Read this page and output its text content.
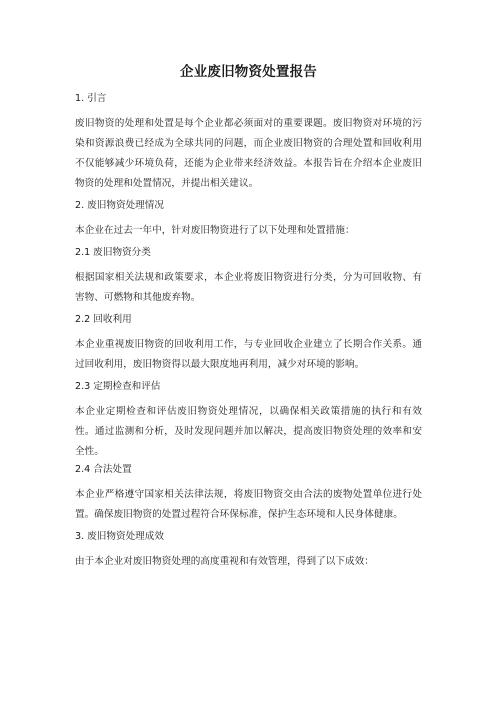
企业废旧物资处置报告
1. 引言
废旧物资的处理和处置是每个企业都必须面对的重要课题。废旧物资对环境的污染和资源浪费已经成为全球共同的问题，而企业废旧物资的合理处置和回收利用不仅能够减少环境负荷，还能为企业带来经济效益。本报告旨在介绍本企业废旧物资的处理和处置情况，并提出相关建议。
2. 废旧物资处理情况
本企业在过去一年中，针对废旧物资进行了以下处理和处置措施：
2.1 废旧物资分类
根据国家相关法规和政策要求，本企业将废旧物资进行分类，分为可回收物、有害物、可燃物和其他废弃物。
2.2 回收利用
本企业重视废旧物资的回收利用工作，与专业回收企业建立了长期合作关系。通过回收利用，废旧物资得以最大限度地再利用，减少对环境的影响。
2.3 定期检查和评估
本企业定期检查和评估废旧物资处理情况，以确保相关政策措施的执行和有效性。通过监测和分析，及时发现问题并加以解决，提高废旧物资处理的效率和安全性。
2.4 合法处置
本企业严格遵守国家相关法律法规，将废旧物资交由合法的废物处置单位进行处置。确保废旧物资的处置过程符合环保标准，保护生态环境和人民身体健康。
3. 废旧物资处理成效
由于本企业对废旧物资处理的高度重视和有效管理，得到了以下成效：
